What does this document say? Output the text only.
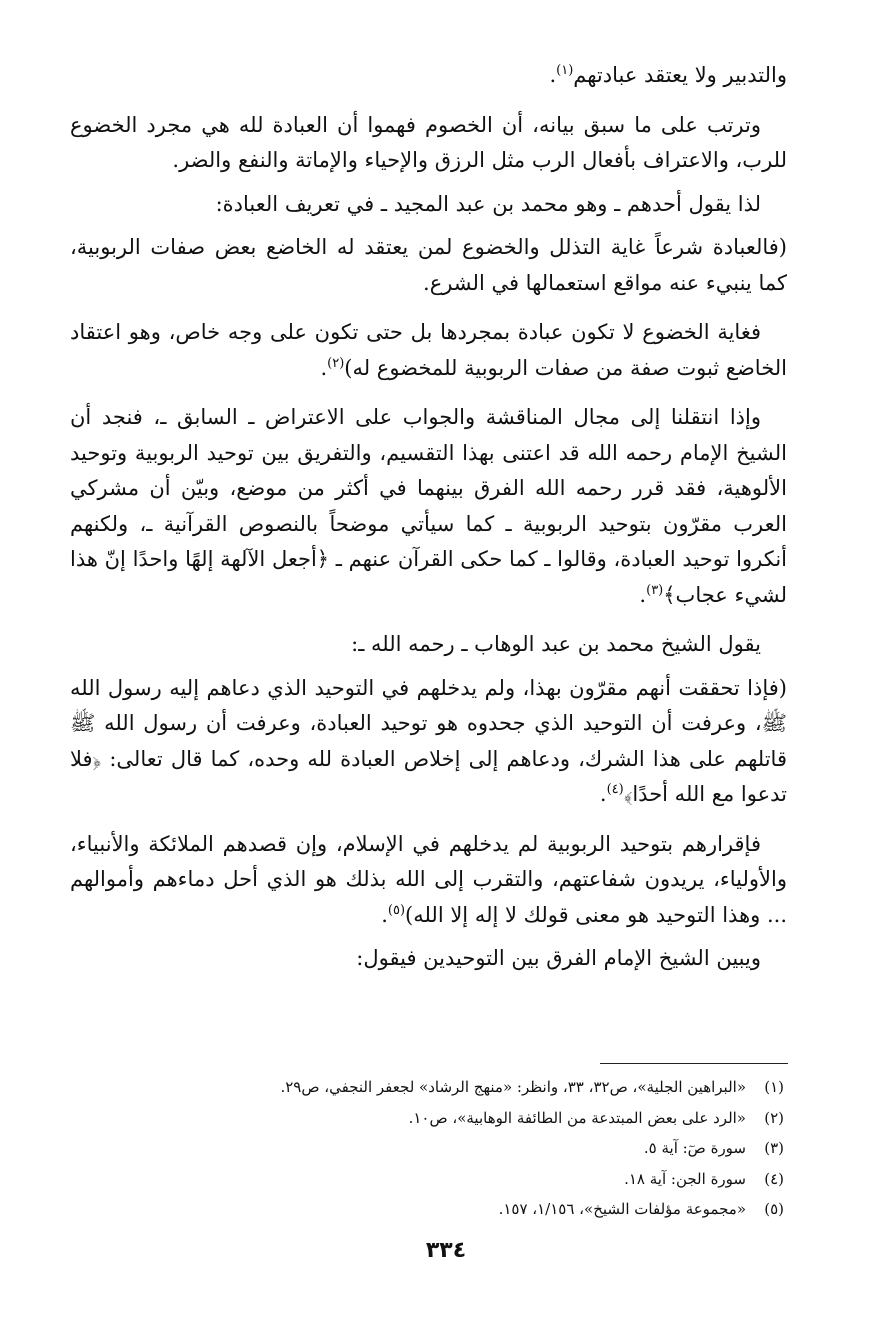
والتدبير ولا يعتقد عبادتهم$^{(١)}$.

وترتب على ما سبق بيانه، أن الخصوم فهموا أن العبادة لله هي مجرد الخضوع للرب، والاعتراف بأفعال الرب مثل الرزق والإحياء والإماتة والنفع والضر.

لذا يقول أحدهم ـ وهو محمد بن عبد المجيد ـ في تعريف العبادة:

(فالعبادة شرعاً غاية التذلل والخضوع لمن يعتقد له الخاضع بعض صفات الربوبية، كما ينبيء عنه مواقع استعمالها في الشرع.

فغاية الخضوع لا تكون عبادة بمجردها بل حتى تكون على وجه خاص، وهو اعتقاد الخاضع ثبوت صفة من صفات الربوبية للمخضوع له)$^{(٢)}$.

وإذا انتقلنا إلى مجال المناقشة والجواب على الاعتراض ـ السابق ـ، فنجد أن الشيخ الإمام رحمه الله قد اعتنى بهذا التقسيم، والتفريق بين توحيد الربوبية وتوحيد الألوهية، فقد قرر رحمه الله الفرق بينهما في أكثر من موضع، وبيّن أن مشركي العرب مقرّون بتوحيد الربوبية ـ كما سيأتي موضحاً بالنصوص القرآنية ـ، ولكنهم أنكروا توحيد العبادة، وقالوا ـ كما حكى القرآن عنهم ـ ﴿أجعل الآلهة إلهًا واحدًا إنّ هذا لشيء عجاب﴾$^{(٣)}$.

يقول الشيخ محمد بن عبد الوهاب ـ رحمه الله ـ:

(فإذا تحققت أنهم مقرّون بهذا، ولم يدخلهم في التوحيد الذي دعاهم إليه رسول الله ﷺ، وعرفت أن التوحيد الذي جحدوه هو توحيد العبادة، وعرفت أن رسول الله ﷺ قاتلهم على هذا الشرك، ودعاهم إلى إخلاص العبادة لله وحده، كما قال تعالى: ﴿فلا تدعوا مع الله أحدًا﴾$^{(٤)}$.

فإقرارهم بتوحيد الربوبية لم يدخلهم في الإسلام، وإن قصدهم الملائكة والأنبياء، والأولياء، يريدون شفاعتهم، والتقرب إلى الله بذلك هو الذي أحل دماءهم وأموالهم ... وهذا التوحيد هو معنى قولك لا إله إلا الله)$^{(٥)}$.

ويبين الشيخ الإمام الفرق بين التوحيدين فيقول:

(١)«البراهين الجلية»، ص٣٢، ٣٣، وانظر: «منهج الرشاد» لجعفر النجفي، ص٢٩.

(٢)«الرد على بعض المبتدعة من الطائفة الوهابية»، ص١٠.

(٣)سورة صٓ: آية ٥.

(٤)سورة الجن: آية ١٨.

(٥)«مجموعة مؤلفات الشيخ»، ١/١٥٦، ١٥٧.

٣٣٤
